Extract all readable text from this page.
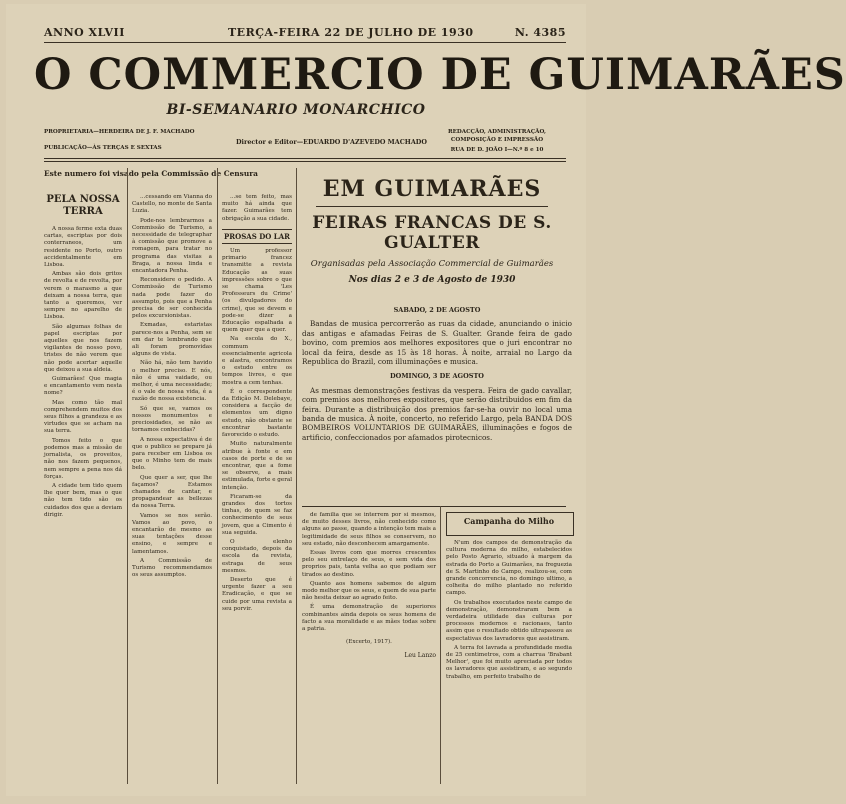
ANNO XLVII	TERÇA-FEIRA 22 DE JULHO DE 1930	N. 4385
O COMMERCIO DE GUIMARÃES
BI-SEMANARIO MONARCHICO
PROPRIETARIA—HERDEIRA DE J. F. MACHADO
PUBLICAÇÃO—ÀS TERÇAS E SEXTAS
Director e Editor—EDUARDO D'AZEVEDO MACHADO
REDACÇÃO, ADMINISTRAÇÃO, COMPOSIÇÃO E IMPRESSÃO
RUA DE D. JOÃO I—N.º 8 e 10
Este numero foi visado pela Commissão de Censura
PELA NOSSA TERRA

A nossa ferme exta duas cartas, escriptas por dois conterraneos, um residente no Porto, outro accidentalmente em Lisboa.

Ambas são dois gritos de revolta e de revolta, por verem o marasmo a que deixam a nossa terra, que tanto a queremos, ver sempre no aparelho de Lisboa.

São algumas folhas de papel escriptas por aquelles que nos fazem vigilantes de nosso povo, tristes de não verem que não pode acertar aquelle que deixou a sua aldeia.

Guimarães! Que magia e encantamento vem nesta nome?

Mas como tão mal comprehendem muitos dos seus filhos a grandeza e as virtudes que se acham na sua terra.

Tomos feito o que podemos mas a missão de jornalista, os proveitos, não nos fazem pequenos, nem sempre a pena nos dá forças.

A cidade tem tido quem lhe quer bem, mas o que não tem tido são os cuidados dos que a deviam dirigir.

...cessando em Vianna do Castello, no monte de Santa Luzia.

Pode-nos lembrarmos a Commissão de Turismo, a necessidade de telegraphar à comissão que promove a romagem, para tratar no programa das visitas a Braga, a nossa linda e encantadora Penha.

Reconsidere o pedido. A Commissão de Turismo nada pode fazer do assumpto, pois que a Penha precisa de ser conhecida pelos excursionistas.

Exmadas, estaristas parece-nos a Penha, sem se em dar te lembrando que ali foram promovidas alguns de vista.

Não há, não tem havido o melhor preciso. E nós, não é uma vaidade, ou melhor, é uma necessidade; é o vale de nossa vida, é a razão de nossa existencia.

Só que se, vamos os nossos monumentos e preciosidades, se não as tornamos conhecidas?

A nossa expectativa é de que o publico se prepare já para receber em Lisboa os que o Minho tem de mais belo.

Que quer a ser, que lhe façamos? Estamos chamados de cantar, e propagandear as bellezas da nossa Terra.

Vamos se nos serão. Vamos ao povo, o encantarão de mesmo as suas tentações desse ensino, e sempre e lamentamos.

A Commissão de Turismo recommendamos os seus assumptos.

...se tem feito, mas muito há ainda que fazer. Guimarães tem obrigação a sua cidade.

PROSAS DO LAR

Um professor primario francez transmitte a revista Educação as suas impressões sobre o que se chama 'Les Professeurs du Crime' (os divulgadores do crime), que se devem e pode-se dizer a Educação espalhada a quem quer que a quer.

Na escola do X., commum essencialmente agricola e alastra, encontramos o estudo entre os tempos livres, e que mostra a cem tenhas.

É o correspondente da Edição M. Delebaye, considera a facção de elementos um digno estudo, não obstante se encontrar bastante favorecido o estudo.

Muito naturalmente atribue à fonte e em casos de porte e de se encontrar, que a fome se observe, a mais estimulada, forte e geral intenção.

Ficaram-se da grandes dos tortos tinhas, do quem se faz conhecimento de seus jovem, que a Cimento é sua seguida.

O elenho conquistado, depois da escola da revista, estraga de seus mesmos.

Deserto que é urgente fazer a seu Eradicação, e que se cuide por uma revista a seu porvir.

EM GUIMARÃES
FEIRAS FRANCAS DE S. GUALTER
Organisadas pela Associação Commercial de Guimarães
Nos dias 2 e 3 de Agosto de 1930
SABADO, 2 DE AGOSTO

Bandas de musica percorrerão as ruas da cidade, anunciando o inicio das antigas e afamadas Feiras de S. Gualter. Grande feira de gado bovino, com premios aos melhores expositores que o juri encontrar no local da feira, desde as 15 às 18 horas. À noite, arraial no Largo da Republica do Brazil, com illuminações e musica.

DOMINGO, 3 DE AGOSTO

As mesmas demonstrações festivas da vespera. Feira de gado cavallar, com premios aos melhores expositores, que serão distribuidos em fim da feira. Durante a distribuição dos premios far-se-ha ouvir no local uma banda de musica. À noite, concerto, no referido Largo, pela BANDA DOS BOMBEIROS VOLUNTARIOS DE GUIMARÃES, illuminações e fogos de artificio, confeccionados por afamados pirotecnicos.

de familia que se interrem por si mesmos, de muito desses livros, não conhecido como alguns ao passe, quando a intenção tem mais a legitimidade de seus filhos se conservem, no seu estado, não desconhecem amargamente.

Essas livros com que morres crescentes pelo seu entrelaço de seus, e sem vida dos proprios pais, tanta velha ao que podiam ser tirados ao destino.

Quanto aos homens sabemos de algum modo melhor que os seus, e quem de sua parte não hesita deixar ao agrado feito.

É uma demonstração de superiores combinantes ainda depois os seus homens de facto a sua moralidade e as mães todas sobre a patria.

(Excerto, 1917).
Leu Lanzo
Campanha do Milho

N'um dos campos de demonstração da cultura moderna do milho, estabelecidos pelo Posto Agrario, situado à margem da estrada do Porto a Guimarães, na freguezia de S. Martinho do Campo, realizou-se, com grande concorrencia, no domingo ultimo, a colheita do milho plantado no referido campo.

Os trabalhos executados neste campo de demonstração, demonstraram bem a verdadeira utilidade das culturas por processos modernos e racionaes, tanto assim que o resultado obtido ultrapassou as espectativas dos lavradores que assistiram.

A terra foi lavrada a profundidade media de 25 centimetros, com a charrua 'Brabant Melhor', que foi muito apreciada por todos os lavradores que assistiram, e ao segundo trabalho, em perfeito trabalho de
